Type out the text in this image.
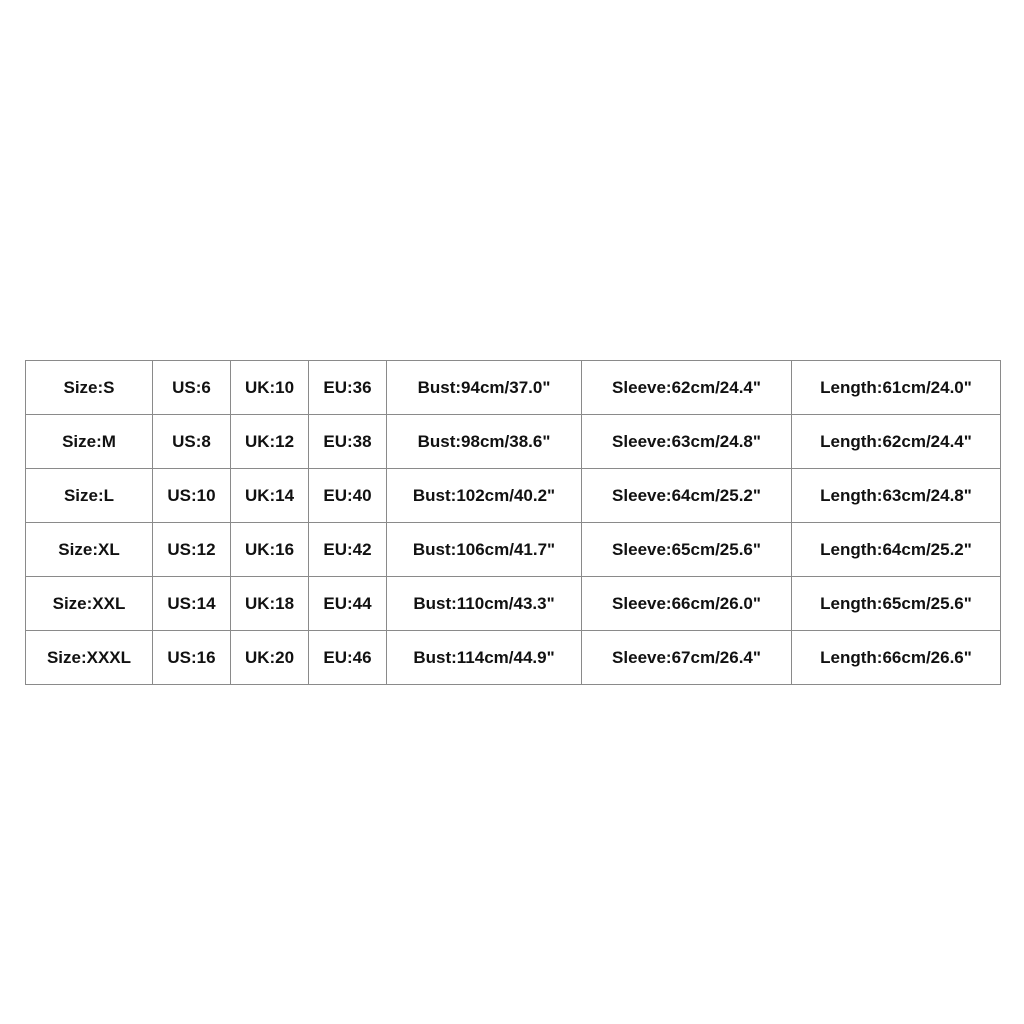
Size:S	US:6	UK:10	EU:36	Bust:94cm/37.0"	Sleeve:62cm/24.4"	Length:61cm/24.0"
Size:M	US:8	UK:12	EU:38	Bust:98cm/38.6"	Sleeve:63cm/24.8"	Length:62cm/24.4"
Size:L	US:10	UK:14	EU:40	Bust:102cm/40.2"	Sleeve:64cm/25.2"	Length:63cm/24.8"
Size:XL	US:12	UK:16	EU:42	Bust:106cm/41.7"	Sleeve:65cm/25.6"	Length:64cm/25.2"
Size:XXL	US:14	UK:18	EU:44	Bust:110cm/43.3"	Sleeve:66cm/26.0"	Length:65cm/25.6"
Size:XXXL	US:16	UK:20	EU:46	Bust:114cm/44.9"	Sleeve:67cm/26.4"	Length:66cm/26.6"
